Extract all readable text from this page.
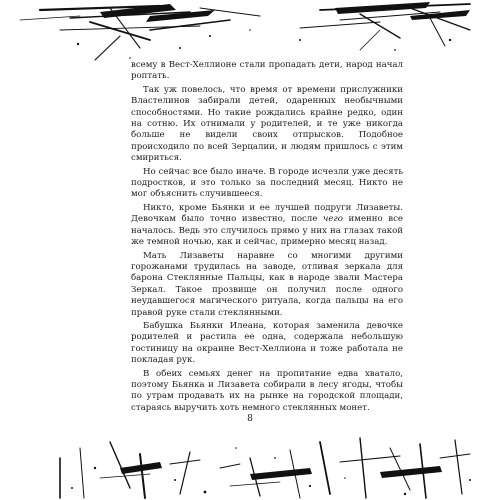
всему в Вест-Хеллионе стали пропадать дети, народ начал роптать.

Так уж повелось, что время от времени прислужники Властелинов забирали детей, одаренных необычными способностями. Но такие рождались крайне редко, один на сотню. Их отнимали у родителей, и те уже никогда больше не видели своих отпрысков. Подобное происходило по всей Зерцалии, и людям пришлось с этим смириться.

Но сейчас все было иначе. В городе исчезли уже десять подростков, и это только за последний месяц. Никто не мог объяснить случившееся.

Никто, кроме Бьянки и ее лучшей подруги Лизаветы. Девочкам было точно известно, после чего именно все началось. Ведь это случилось прямо у них на глазах такой же темной ночью, как и сейчас, примерно месяц назад.

Мать Лизаветы наравне со многими другими горожанами трудилась на заводе, отливая зеркала для барона Стеклянные Пальцы, как в народе звали Мастера Зеркал. Такое прозвище он получил после одного неудавшегося магического ритуала, когда пальцы на его правой руке стали стеклянными.

Бабушка Бьянки Илеана, которая заменила девочке родителей и растила ее одна, содержала небольшую гостиницу на окраине Вест-Хеллиона и тоже работала не покладая рук.

В обеих семьях денег на пропитание едва хватало, поэтому Бьянка и Лизавета собирали в лесу ягоды, чтобы по утрам продавать их на рынке на городской площади, стараясь выручить хоть немного стеклянных монет.

8
